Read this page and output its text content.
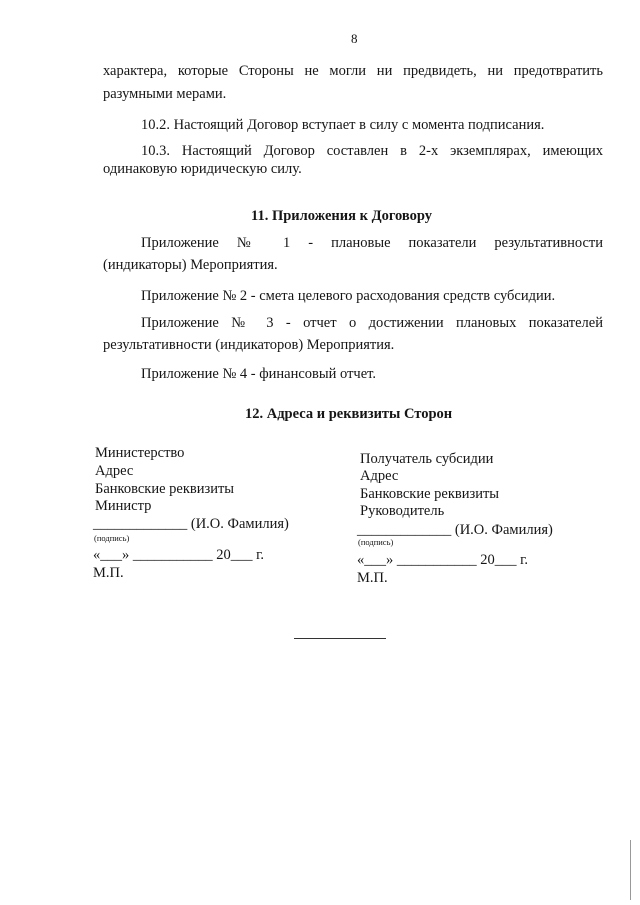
8
характера, которые Стороны не могли ни предвидеть, ни предотвратить
разумными мерами.
10.2. Настоящий Договор вступает в силу с момента подписания.
10.3. Настоящий Договор составлен в 2-х экземплярах, имеющих
одинаковую юридическую силу.
11. Приложения к Договору
Приложение № 1 - плановые показатели результативности
(индикаторы) Мероприятия.
Приложение № 2 - смета целевого расходования средств субсидии.
Приложение № 3 - отчет о достижении плановых показателей
результативности (индикаторов) Мероприятия.
Приложение № 4 - финансовый отчет.
12. Адреса и реквизиты Сторон
Министерство
Адрес
Банковские реквизиты
Министр
_____________ (И.О. Фамилия)
(подпись)
«___» ___________ 20___ г.
М.П.
Получатель субсидии
Адрес
Банковские реквизиты
Руководитель
_____________ (И.О. Фамилия)
(подпись)
«___» ___________ 20___ г.
М.П.
